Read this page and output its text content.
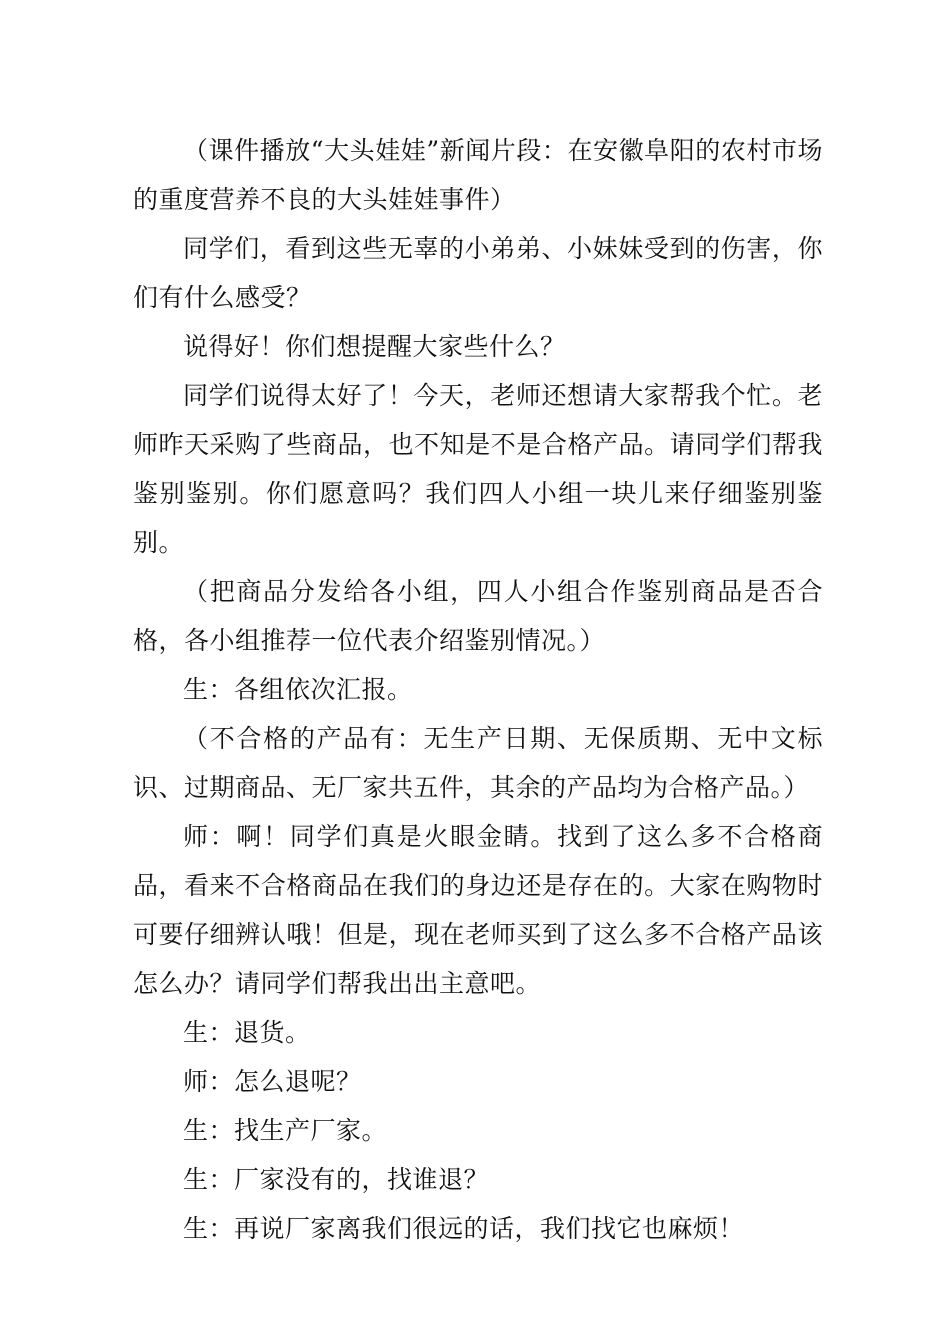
（课件播放“大头娃娃”新闻片段：在安徽阜阳的农村市场的重度营养不良的大头娃娃事件）

同学们，看到这些无辜的小弟弟、小妹妹受到的伤害，你们有什么感受？

说得好！你们想提醒大家些什么？

同学们说得太好了！今天，老师还想请大家帮我个忙。老师昨天采购了些商品，也不知是不是合格产品。请同学们帮我鉴别鉴别。你们愿意吗？我们四人小组一块儿来仔细鉴别鉴别。

（把商品分发给各小组，四人小组合作鉴别商品是否合格，各小组推荐一位代表介绍鉴别情况。）

生：各组依次汇报。

（不合格的产品有：无生产日期、无保质期、无中文标识、过期商品、无厂家共五件，其余的产品均为合格产品。）

师：啊！同学们真是火眼金睛。找到了这么多不合格商品，看来不合格商品在我们的身边还是存在的。大家在购物时可要仔细辨认哦！但是，现在老师买到了这么多不合格产品该怎么办？请同学们帮我出出主意吧。

生：退货。

师：怎么退呢？

生：找生产厂家。

生：厂家没有的，找谁退？

生：再说厂家离我们很远的话，我们找它也麻烦！
